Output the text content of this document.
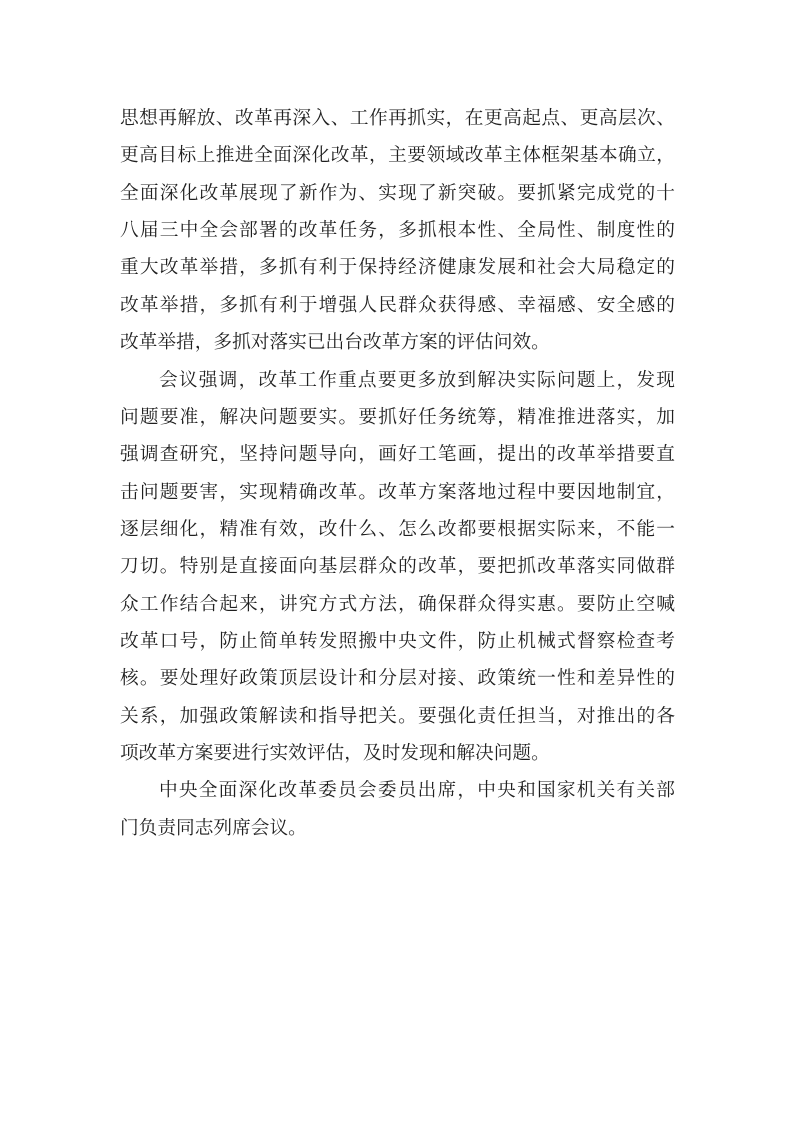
思想再解放、改革再深入、工作再抓实，在更高起点、更高层次、
更高目标上推进全面深化改革，主要领域改革主体框架基本确立，
全面深化改革展现了新作为、实现了新突破。要抓紧完成党的十
八届三中全会部署的改革任务，多抓根本性、全局性、制度性的
重大改革举措，多抓有利于保持经济健康发展和社会大局稳定的
改革举措，多抓有利于增强人民群众获得感、幸福感、安全感的
改革举措，多抓对落实已出台改革方案的评估问效。
会议强调，改革工作重点要更多放到解决实际问题上，发现
问题要准，解决问题要实。要抓好任务统筹，精准推进落实，加
强调查研究，坚持问题导向，画好工笔画，提出的改革举措要直
击问题要害，实现精确改革。改革方案落地过程中要因地制宜，
逐层细化，精准有效，改什么、怎么改都要根据实际来，不能一
刀切。特别是直接面向基层群众的改革，要把抓改革落实同做群
众工作结合起来，讲究方式方法，确保群众得实惠。要防止空喊
改革口号，防止简单转发照搬中央文件，防止机械式督察检查考
核。要处理好政策顶层设计和分层对接、政策统一性和差异性的
关系，加强政策解读和指导把关。要强化责任担当，对推出的各
项改革方案要进行实效评估，及时发现和解决问题。
中央全面深化改革委员会委员出席，中央和国家机关有关部
门负责同志列席会议。
